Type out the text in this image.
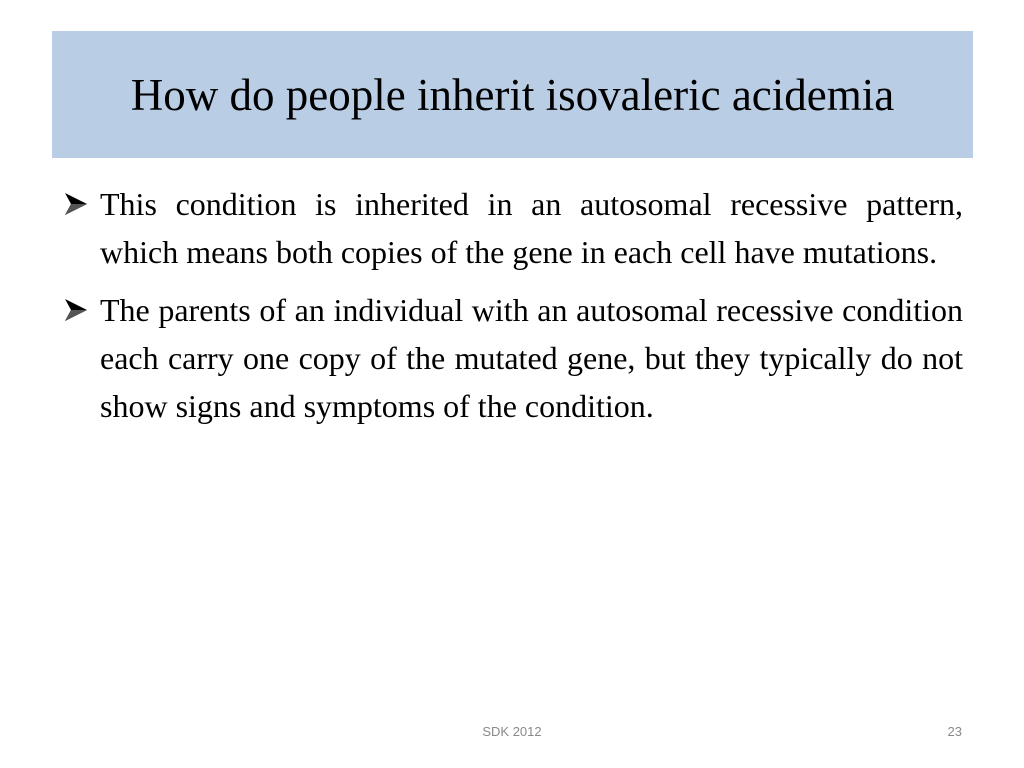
How do people inherit isovaleric acidemia
This condition is inherited in an autosomal recessive pattern, which means both copies of the gene in each cell have mutations.
The parents of an individual with an autosomal recessive condition each carry one copy of the mutated gene, but they typically do not show signs and symptoms of the condition.
SDK 2012	23
